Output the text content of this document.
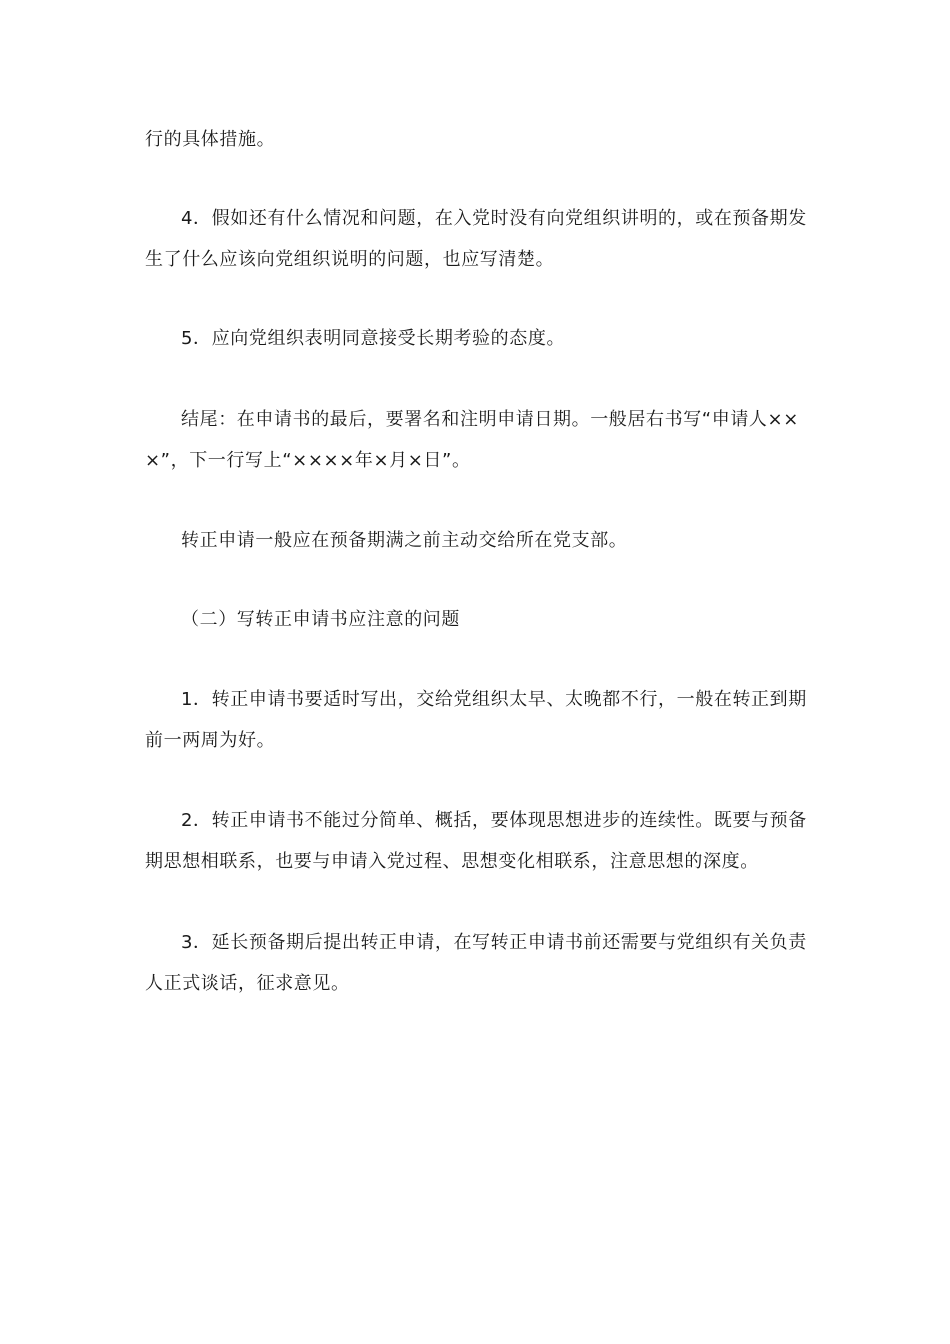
行的具体措施。

4．假如还有什么情况和问题，在入党时没有向党组织讲明的，或在预备期发生了什么应该向党组织说明的问题，也应写清楚。

5．应向党组织表明同意接受长期考验的态度。

结尾：在申请书的最后，要署名和注明申请日期。一般居右书写“申请人×××”，下一行写上“××××年×月×日”。

转正申请一般应在预备期满之前主动交给所在党支部。

（二）写转正申请书应注意的问题

1．转正申请书要适时写出，交给党组织太早、太晚都不行，一般在转正到期前一两周为好。

2．转正申请书不能过分简单、概括，要体现思想进步的连续性。既要与预备期思想相联系，也要与申请入党过程、思想变化相联系，注意思想的深度。

3．延长预备期后提出转正申请，在写转正申请书前还需要与党组织有关负责人正式谈话，征求意见。
